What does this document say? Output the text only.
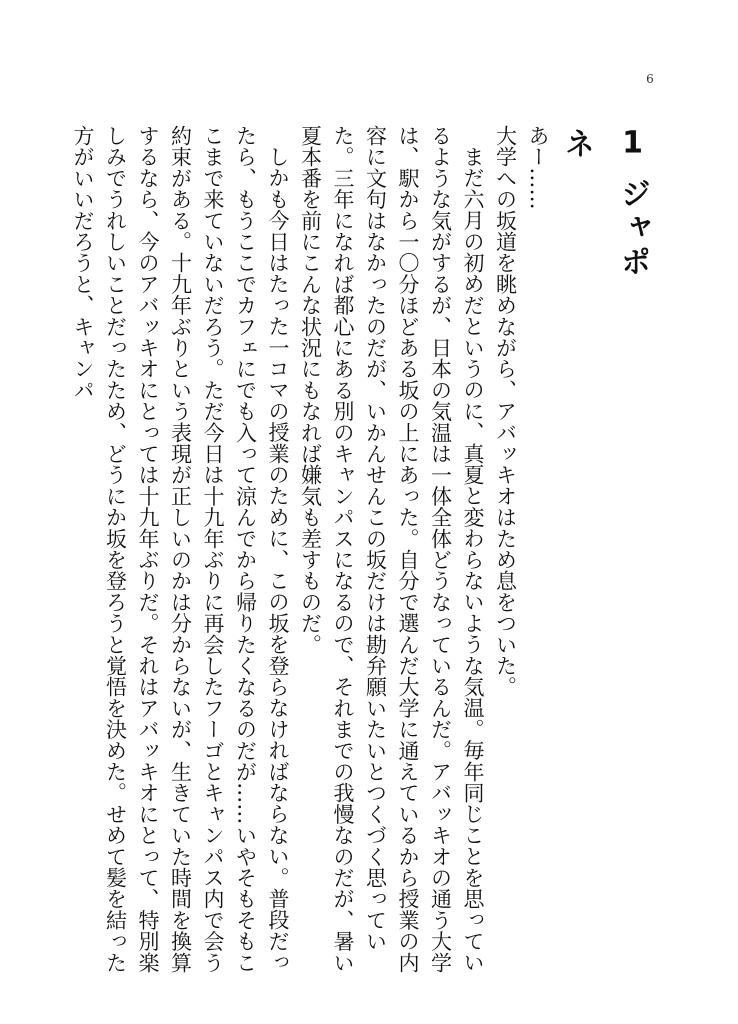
6
1ジャポネ

あー……

大学への坂道を眺めながら、アバッキオはため息をついた。

まだ六月の初めだというのに、真夏と変わらないような気温。毎年同じことを思っているような気がするが、日本の気温は一体全体どうなっているんだ。アバッキオの通う大学は、駅から一〇分ほどある坂の上にあった。自分で選んだ大学に通えているから授業の内容に文句はなかったのだが、いかんせんこの坂だけは勘弁願いたいとつくづく思っていた。三年になれば都心にある別のキャンパスになるので、それまでの我慢なのだが、暑い夏本番を前にこんな状況にもなれば嫌気も差すものだ。

しかも今日はたった一コマの授業のために、この坂を登らなければならない。普段だったら、もうここでカフェにでも入って涼んでから帰りたくなるのだが……いやそもそもここまで来ていないだろう。ただ今日は十九年ぶりに再会したフーゴとキャンパス内で会う約束がある。十九年ぶりという表現が正しいのかは分からないが、生きていた時間を換算するなら、今のアバッキオにとっては十九年ぶりだ。それはアバッキオにとって、特別楽しみでうれしいことだったため、どうにか坂を登ろうと覚悟を決めた。せめて髪を結った方がいいだろうと、キャンパ
